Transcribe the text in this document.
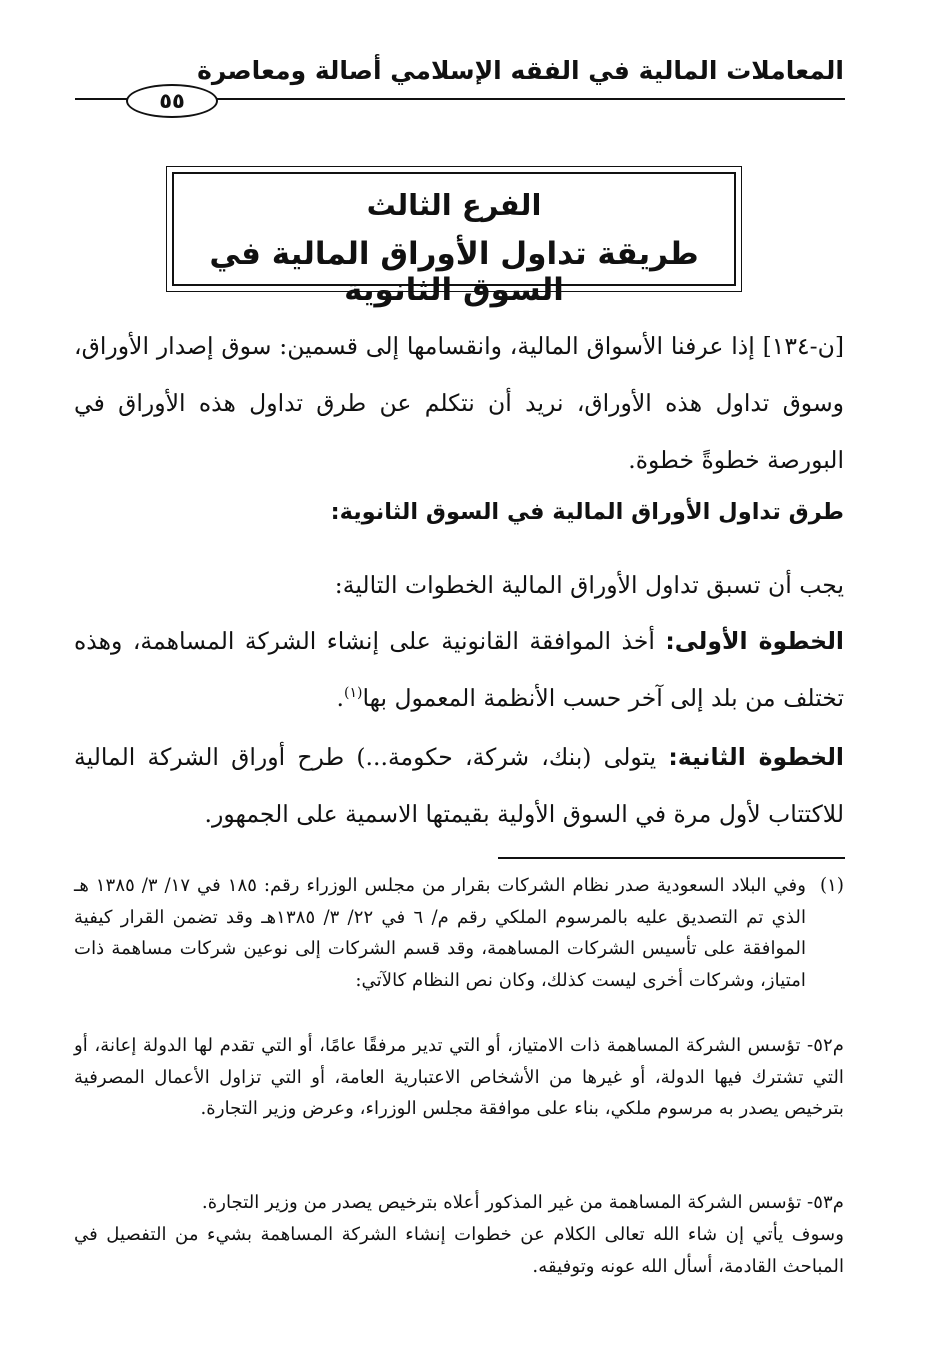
المعاملات المالية في الفقه الإسلامي أصالة ومعاصرة
٥٥
الفرع الثالث
طريقة تداول الأوراق المالية في السوق الثانوية
[ن-١٣٤] إذا عرفنا الأسواق المالية، وانقسامها إلى قسمين: سوق إصدار الأوراق، وسوق تداول هذه الأوراق، نريد أن نتكلم عن طرق تداول هذه الأوراق في البورصة خطوةً خطوة.
طرق تداول الأوراق المالية في السوق الثانوية:
يجب أن تسبق تداول الأوراق المالية الخطوات التالية:
الخطوة الأولى: أخذ الموافقة القانونية على إنشاء الشركة المساهمة، وهذه تختلف من بلد إلى آخر حسب الأنظمة المعمول بها$^{(١)}$.
الخطوة الثانية: يتولى (بنك، شركة، حكومة...) طرح أوراق الشركة المالية للاكتتاب لأول مرة في السوق الأولية بقيمتها الاسمية على الجمهور.
(١)
وفي البلاد السعودية صدر نظام الشركات بقرار من مجلس الوزراء رقم: ١٨٥ في ١٧/ ٣/ ١٣٨٥ هـ الذي تم التصديق عليه بالمرسوم الملكي رقم م/ ٦ في ٢٢/ ٣/ ١٣٨٥هـ وقد تضمن القرار كيفية الموافقة على تأسيس الشركات المساهمة، وقد قسم الشركات إلى نوعين شركات مساهمة ذات امتياز، وشركات أخرى ليست كذلك، وكان نص النظام كالآتي:
م٥٢- تؤسس الشركة المساهمة ذات الامتياز، أو التي تدير مرفقًا عامًا، أو التي تقدم لها الدولة إعانة، أو التي تشترك فيها الدولة، أو غيرها من الأشخاص الاعتبارية العامة، أو التي تزاول الأعمال المصرفية بترخيص يصدر به مرسوم ملكي، بناء على موافقة مجلس الوزراء، وعرض وزير التجارة.
م٥٣- تؤسس الشركة المساهمة من غير المذكور أعلاه بترخيص يصدر من وزير التجارة.
وسوف يأتي إن شاء الله تعالى الكلام عن خطوات إنشاء الشركة المساهمة بشيء من التفصيل في المباحث القادمة، أسأل الله عونه وتوفيقه.
